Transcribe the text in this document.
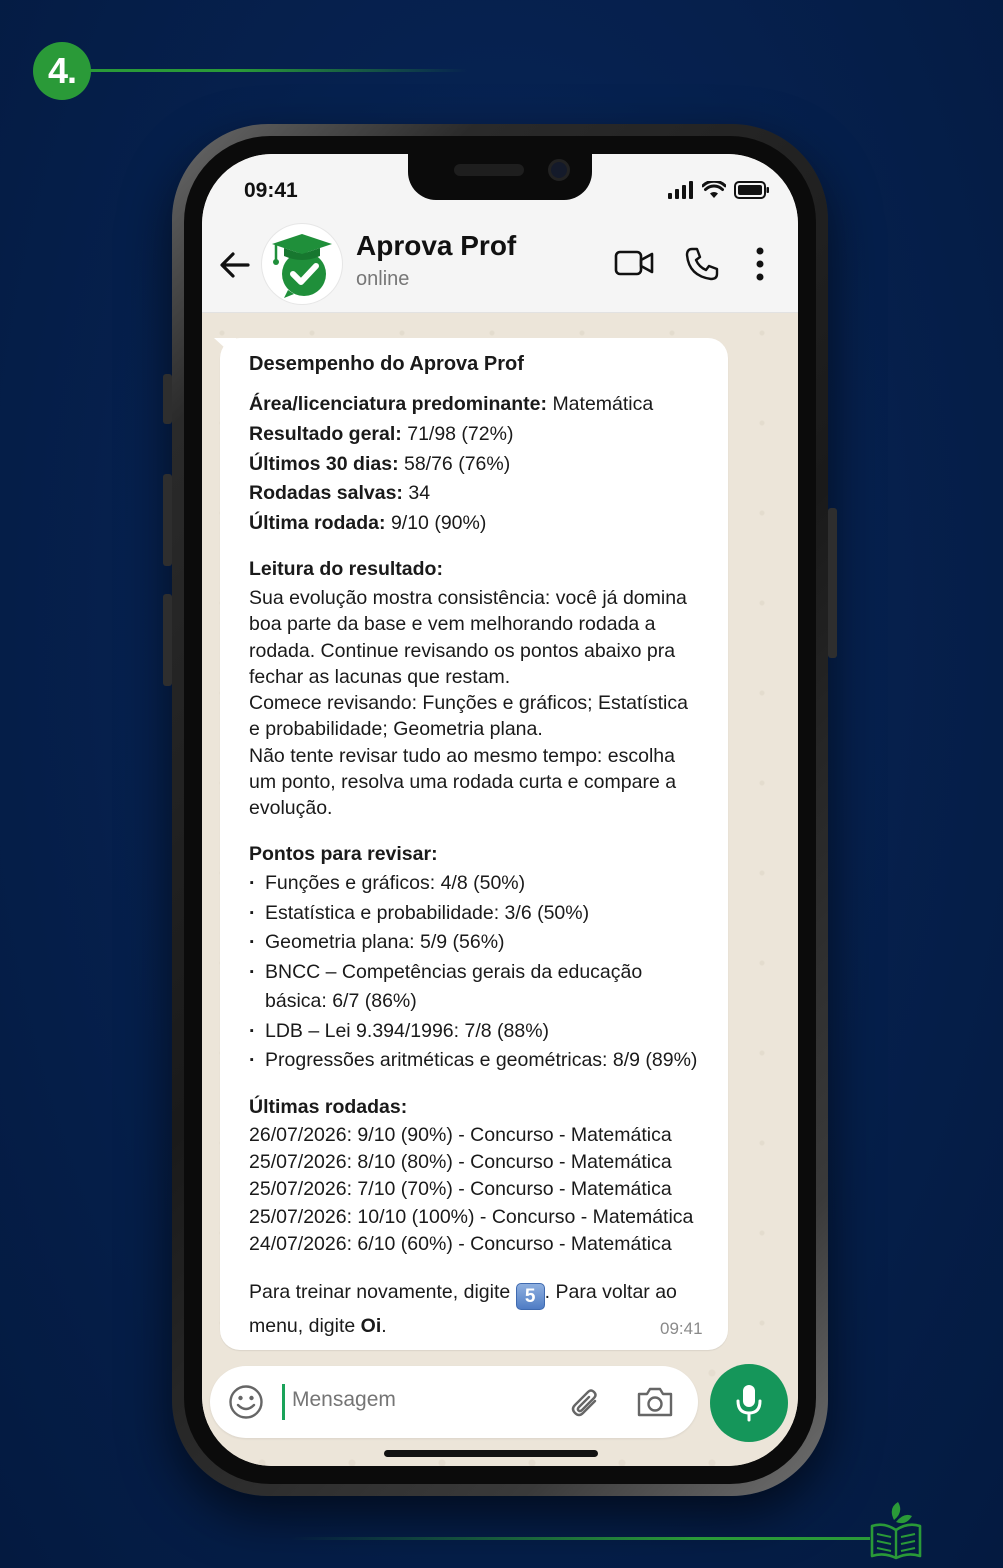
4.
09:41
Aprova Prof
online
Desempenho do Aprova Prof
Área/licenciatura predominante: Matemática
Resultado geral: 71/98 (72%)
Últimos 30 dias: 58/76 (76%)
Rodadas salvas: 34
Última rodada: 9/10 (90%)
Leitura do resultado:
Sua evolução mostra consistência: você já domina
boa parte da base e vem melhorando rodada a
rodada. Continue revisando os pontos abaixo pra
fechar as lacunas que restam.
Comece revisando: Funções e gráficos; Estatística
e probabilidade; Geometria plana.
Não tente revisar tudo ao mesmo tempo: escolha
um ponto, resolva uma rodada curta e compare a
evolução.
Pontos para revisar:
· Funções e gráficos: 4/8 (50%)
· Estatística e probabilidade: 3/6 (50%)
· Geometria plana: 5/9 (56%)
· BNCC – Competências gerais da educação
básica: 6/7 (86%)
· LDB – Lei 9.394/1996: 7/8 (88%)
· Progressões aritméticas e geométricas: 8/9 (89%)
Últimas rodadas:
26/07/2026: 9/10 (90%) - Concurso - Matemática
25/07/2026: 8/10 (80%) - Concurso - Matemática
25/07/2026: 7/10 (70%) - Concurso - Matemática
25/07/2026: 10/10 (100%) - Concurso - Matemática
24/07/2026: 6/10 (60%) - Concurso - Matemática
Para treinar novamente, digite 5 . Para voltar ao
menu, digite Oi.	09:41
Mensagem
